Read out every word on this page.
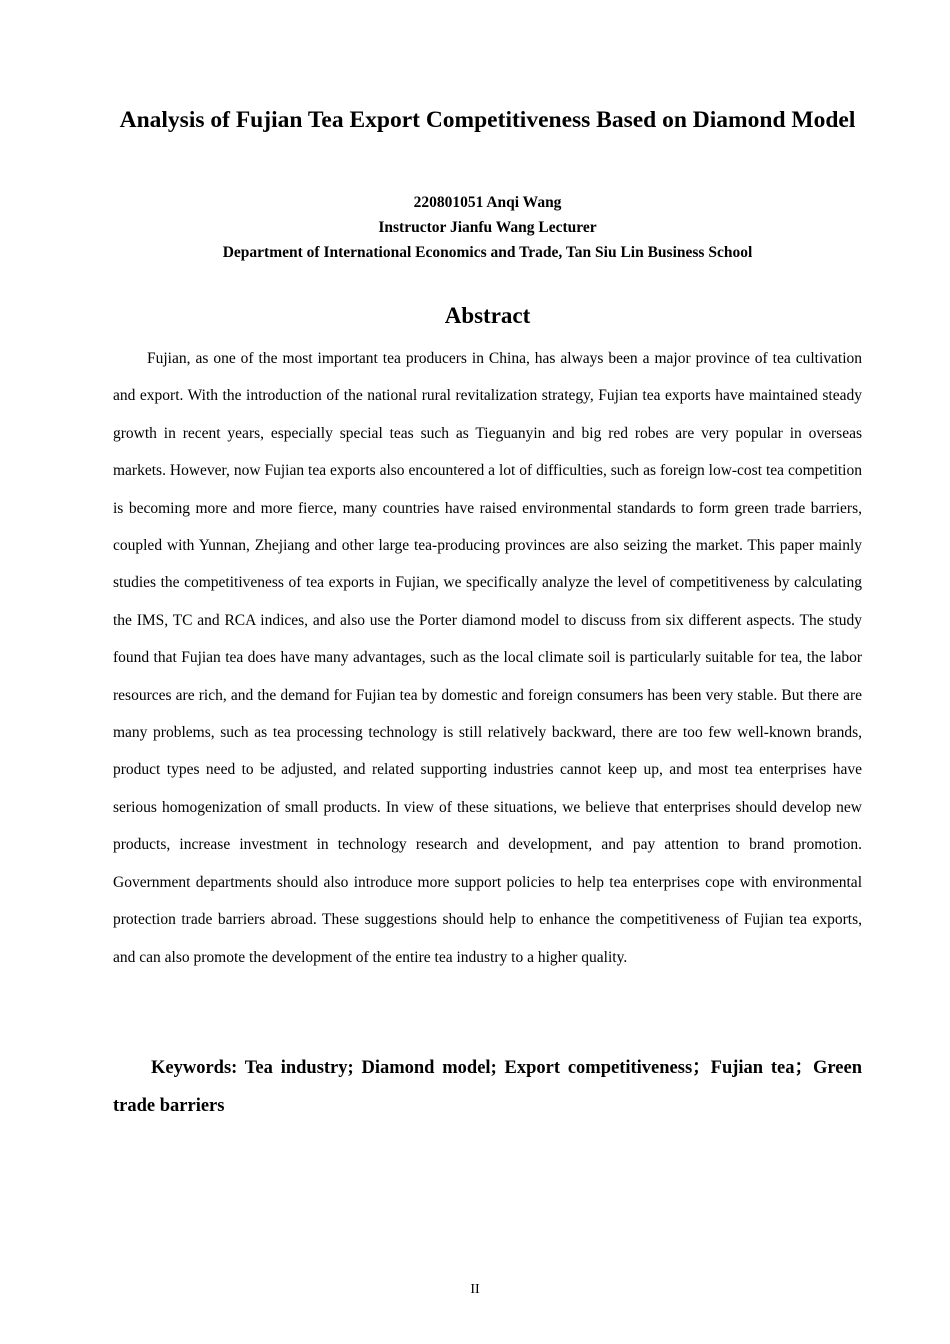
Analysis of Fujian Tea Export Competitiveness Based on Diamond Model
220801051 Anqi Wang
Instructor Jianfu Wang Lecturer
Department of International Economics and Trade, Tan Siu Lin Business School
Abstract

Fujian, as one of the most important tea producers in China, has always been a major province of tea cultivation and export. With the introduction of the national rural revitalization strategy, Fujian tea exports have maintained steady growth in recent years, especially special teas such as Tieguanyin and big red robes are very popular in overseas markets. However, now Fujian tea exports also encountered a lot of difficulties, such as foreign low-cost tea competition is becoming more and more fierce, many countries have raised environmental standards to form green trade barriers, coupled with Yunnan, Zhejiang and other large tea-producing provinces are also seizing the market. This paper mainly studies the competitiveness of tea exports in Fujian, we specifically analyze the level of competitiveness by calculating the IMS, TC and RCA indices, and also use the Porter diamond model to discuss from six different aspects. The study found that Fujian tea does have many advantages, such as the local climate soil is particularly suitable for tea, the labor resources are rich, and the demand for Fujian tea by domestic and foreign consumers has been very stable. But there are many problems, such as tea processing technology is still relatively backward, there are too few well-known brands, product types need to be adjusted, and related supporting industries cannot keep up, and most tea enterprises have serious homogenization of small products. In view of these situations, we believe that enterprises should develop new products, increase investment in technology research and development, and pay attention to brand promotion. Government departments should also introduce more support policies to help tea enterprises cope with environmental protection trade barriers abroad. These suggestions should help to enhance the competitiveness of Fujian tea exports, and can also promote the development of the entire tea industry to a higher quality.

Keywords: Tea industry; Diamond model; Export competitiveness；Fujian tea；Green trade barriers

II
